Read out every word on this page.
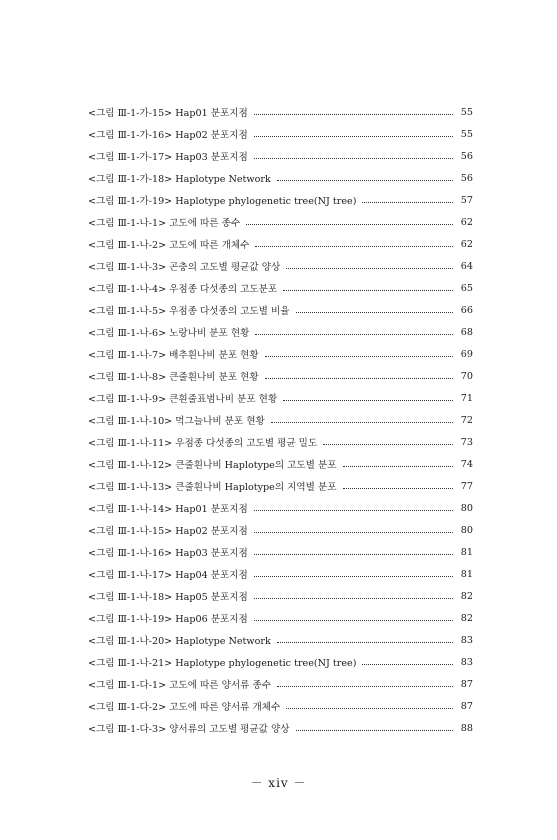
<그림 Ⅲ-1-가-15> Hap01 분포지점	55
<그림 Ⅲ-1-가-16> Hap02 분포지점	55
<그림 Ⅲ-1-가-17> Hap03 분포지점	56
<그림 Ⅲ-1-가-18> Haplotype Network	56
<그림 Ⅲ-1-가-19> Haplotype phylogenetic tree(NJ tree)	57
<그림 Ⅲ-1-나-1> 고도에 따른 종수	62
<그림 Ⅲ-1-나-2> 고도에 따른 개체수	62
<그림 Ⅲ-1-나-3> 곤충의 고도별 평균값 양상	64
<그림 Ⅲ-1-나-4> 우점종 다섯종의 고도분포	65
<그림 Ⅲ-1-나-5> 우점종 다섯종의 고도별 비율	66
<그림 Ⅲ-1-나-6> 노랑나비 분포 현황	68
<그림 Ⅲ-1-나-7> 배추흰나비 분포 현황	69
<그림 Ⅲ-1-나-8> 큰줄흰나비 분포 현황	70
<그림 Ⅲ-1-나-9> 큰흰줄표범나비 분포 현황	71
<그림 Ⅲ-1-나-10> 먹그늘나비 분포 현황	72
<그림 Ⅲ-1-나-11> 우점종 다섯종의 고도별 평균 밀도	73
<그림 Ⅲ-1-나-12> 큰줄흰나비 Haplotype의 고도별 분포	74
<그림 Ⅲ-1-나-13> 큰줄흰나비 Haplotype의 지역별 분포	77
<그림 Ⅲ-1-나-14> Hap01 분포지점	80
<그림 Ⅲ-1-나-15> Hap02 분포지점	80
<그림 Ⅲ-1-나-16> Hap03 분포지점	81
<그림 Ⅲ-1-나-17> Hap04 분포지점	81
<그림 Ⅲ-1-나-18> Hap05 분포지점	82
<그림 Ⅲ-1-나-19> Hap06 분포지점	82
<그림 Ⅲ-1-나-20> Haplotype Network	83
<그림 Ⅲ-1-나-21> Haplotype phylogenetic tree(NJ tree)	83
<그림 Ⅲ-1-다-1> 고도에 따른 양서류 종수	87
<그림 Ⅲ-1-다-2> 고도에 따른 양서류 개체수	87
<그림 Ⅲ-1-다-3> 양서류의 고도별 평균값 양상	88
－ xiv －
